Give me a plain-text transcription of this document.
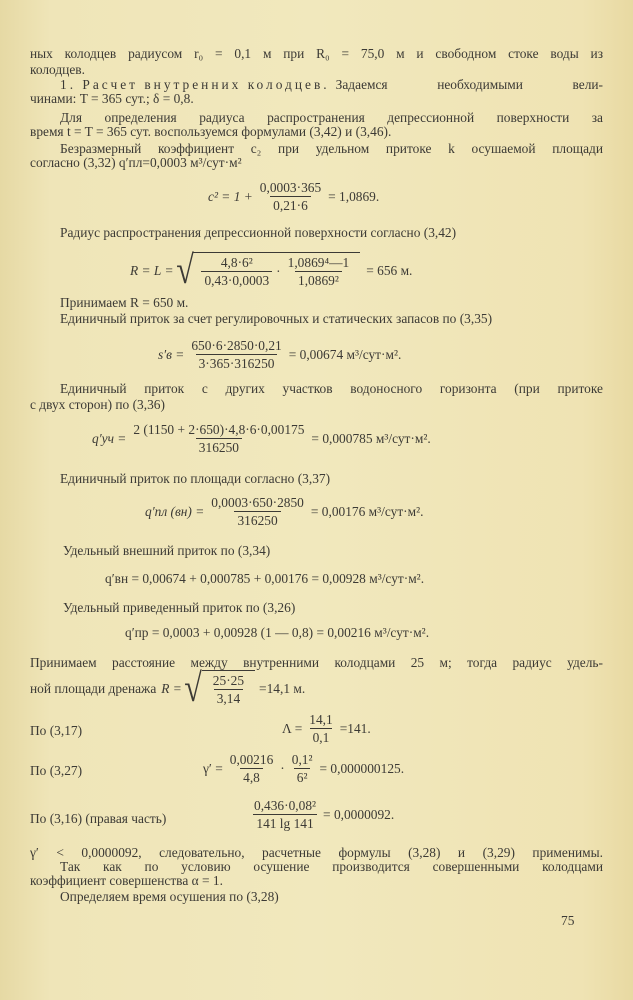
ных колодцев радиусом r₀ = 0,1 м при R₀ = 75,0 м и свободном стоке воды из
колодцев.
1. Расчет внутренних колодцев. Задаемся необходимыми вели-
чинами: T = 365 сут.; δ = 0,8.
Для определения радиуса распространения депрессионной поверхности за
время t = T = 365 сут. воспользуемся формулами (3,42) и (3,46).
Безразмерный коэффициент c₂ при удельном притоке k осушаемой площади
согласно (3,32) q′пл=0,0003 м³/сут·м²
$c^2 = 1 + \frac{0,0003\cdot 365}{0,21\cdot 6} = 1,0869$.
Радиус распространения депрессионной поверхности согласно (3,42)
R = L = √ $\frac{\text{4,8·6²}}{0,43\cdot 0,0003} \cdot \frac{\text{1,0869⁴—1}}{\text{1,0869²}} = 656$ м.
Принимаем R = 650 м.
Единичный приток за счет регулировочных и статических запасов по (3,35)
$s'в = \frac{650\cdot 6\cdot 2850\cdot 0,21}{3\cdot 365\cdot 316250} = 0,00674$ м³/сут·м².
Единичный приток с других участков водоносного горизонта (при притоке
с двух сторон) по (3,36)
$q'уч = \frac{2 (1150 + 2\cdot 650)\cdot 4,8\cdot 6\cdot 0,00175}{316250} = 0,000785$ м³/сут·м².
Единичный приток по площади согласно (3,37)
q′пл $(вн) = \frac{0,0003\cdot 650\cdot 2850}{316250} = 0,00176$ м³/сут·м².
Удельный внешний приток по (3,34)
q′вн = 0,00674 + 0,000785 + 0,00176 = 0,00928 м³/сут·м².
Удельный приведенный приток по (3,26)
q′пр = 0,0003 + 0,00928 (1 — 0,8) = 0,00216 м³/сут·м².
Принимаем расстояние между внутренними колодцами 25 м; тогда радиус удель-
ной площади дренажа R = √ $\frac{25\cdot 25}{3,14} =14,1$ м.
По (3,17)	$\Lambda = \frac{14,1}{0,1} =141$.
По (3,27)	$\gamma' = \frac{0,00216}{4,8} \cdot \frac{\text{0,1²}}{\text{6²}} = 0,000000125$.
По (3,16) (правая часть)	$\frac{\text{0,436·0,08²}}{141 \lg 141} = 0,0000092$.
γ′ < 0,0000092, следовательно, расчетные формулы (3,28) и (3,29) применимы.
Так как по условию осушение производится совершенными колодцами
коэффициент совершенства α = 1.
Определяем время осушения по (3,28)
75
